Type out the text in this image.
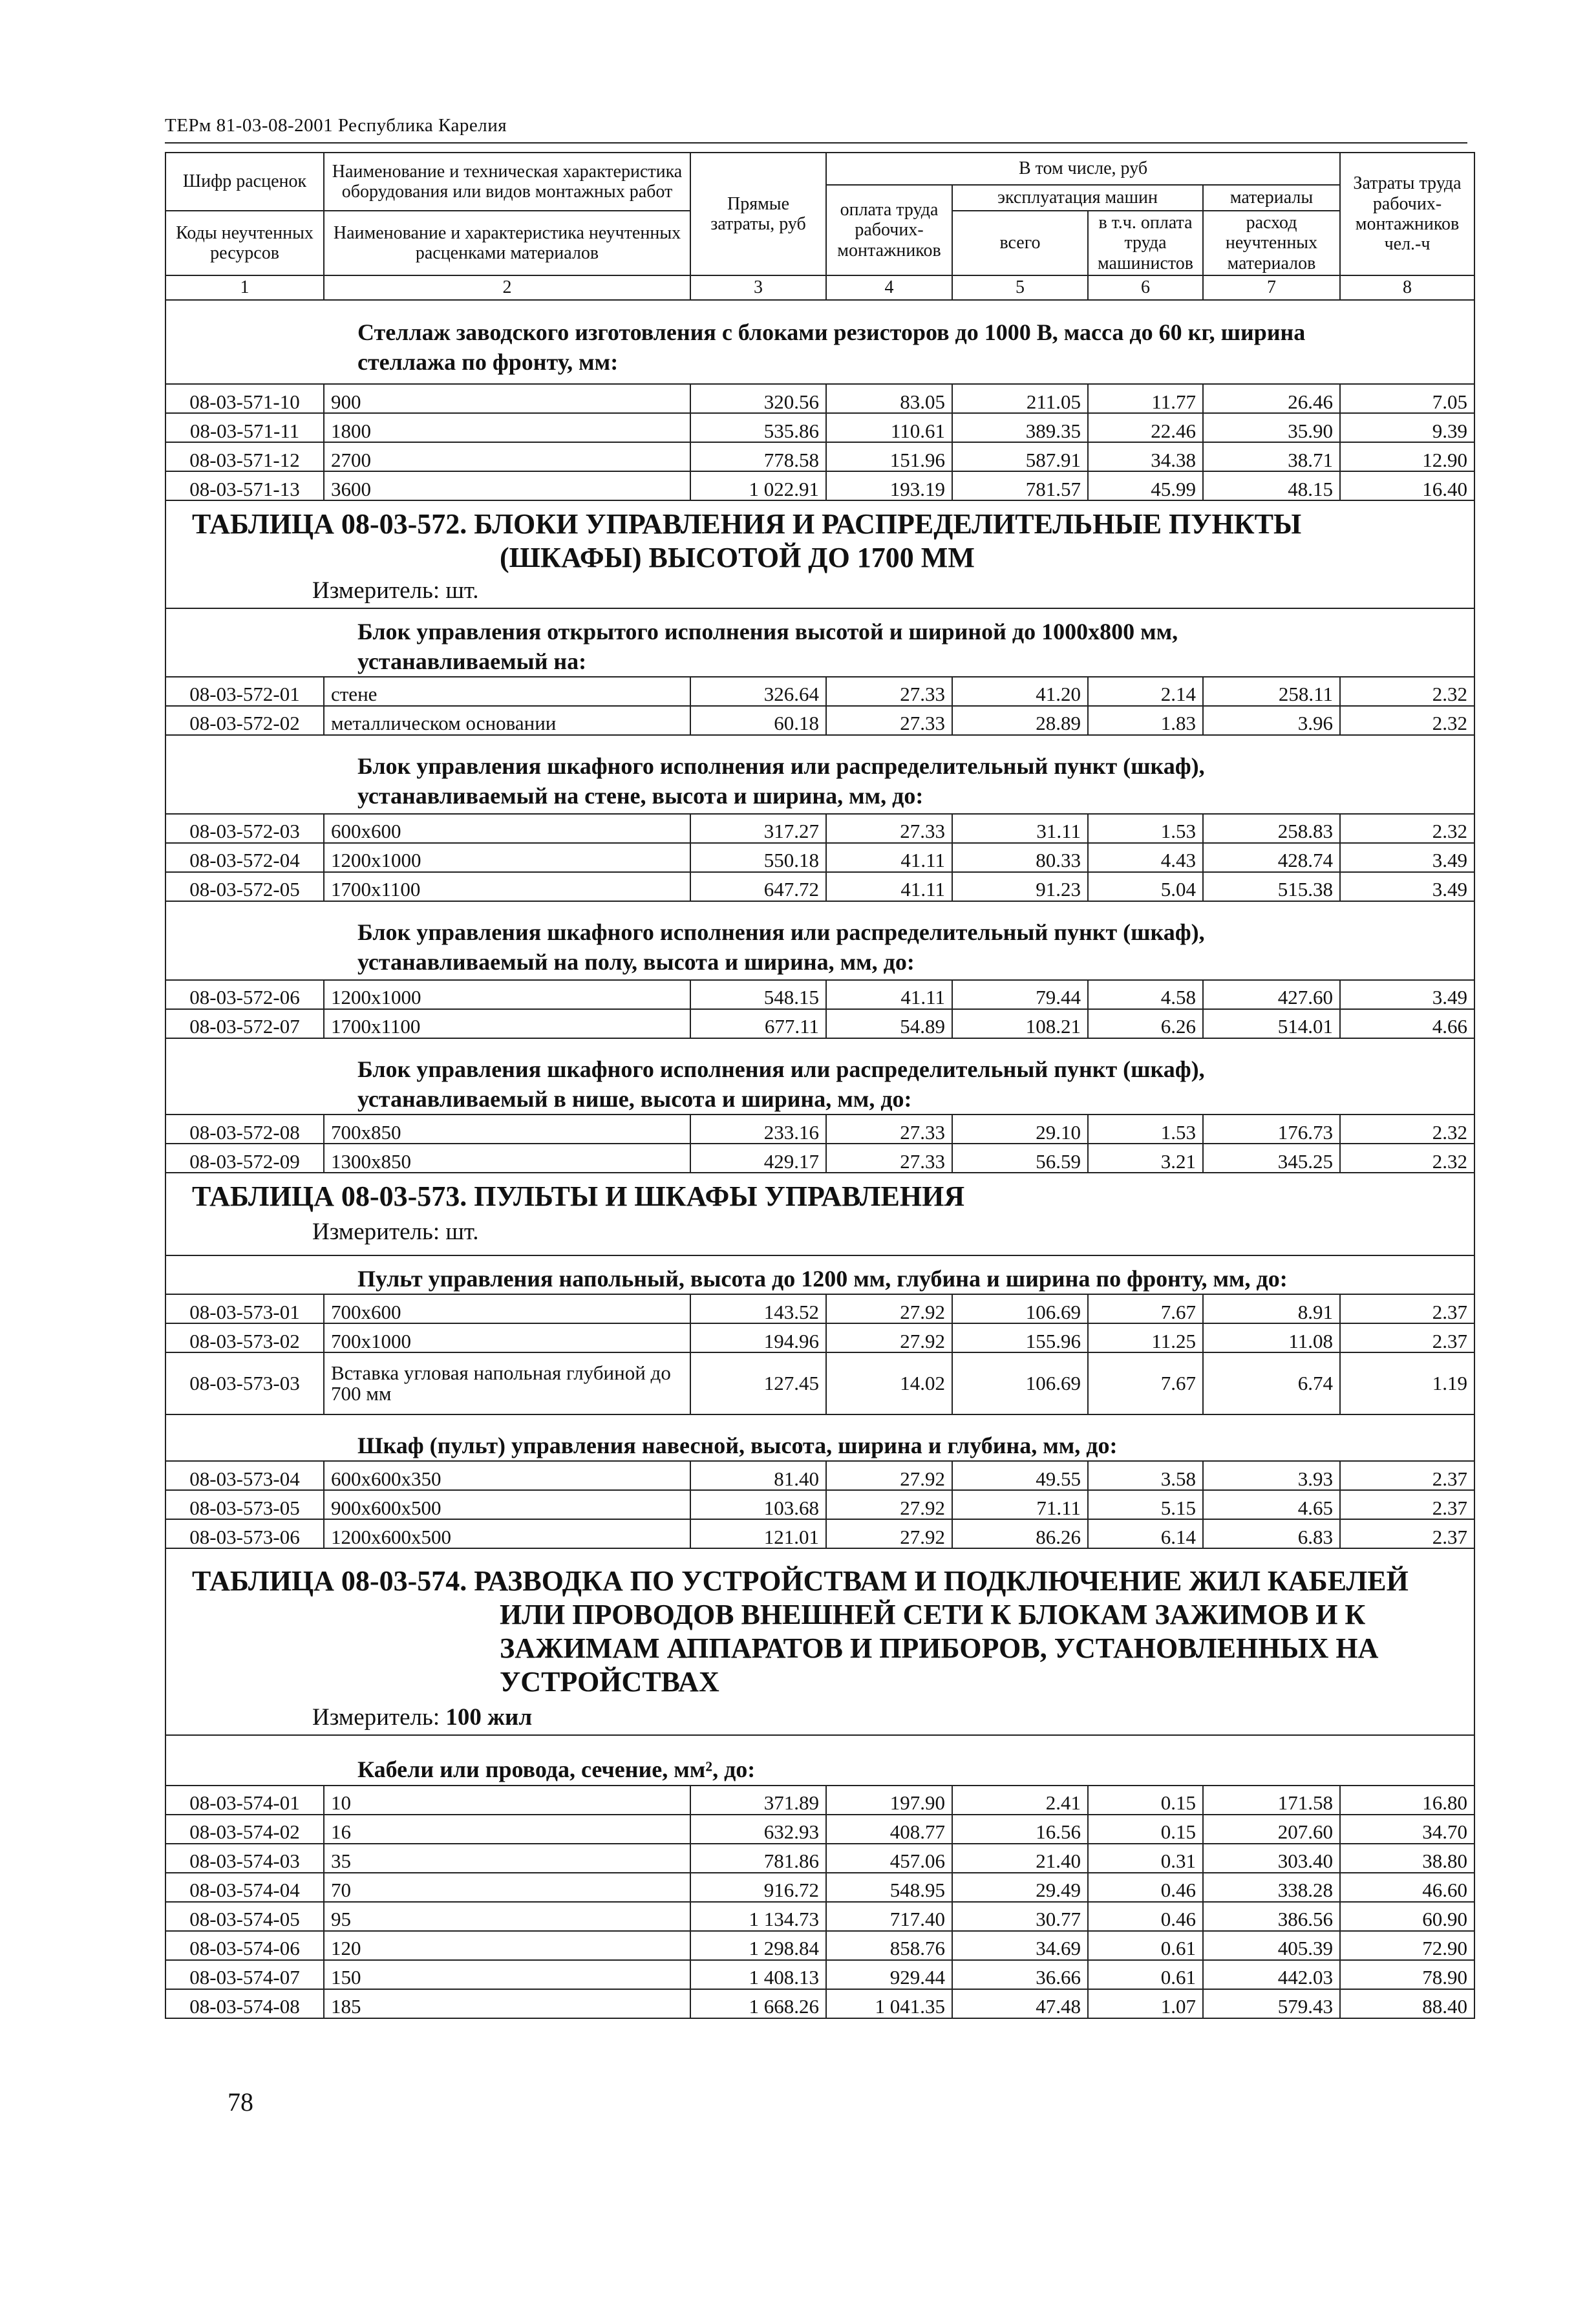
ТЕРм 81-03-08-2001 Республика Карелия
Шифр расценок	Наименование и техническая характеристика оборудования или видов монтажных работ	Прямые затраты, руб	В том числе, руб				Затраты труда рабочих-монтажников чел.-ч
			оплата труда рабочих-монтажников	эксплуатация машин		материалы	
Коды неучтенных ресурсов	Наименование и характеристика неучтенных расценками материалов			всего	в т.ч. оплата труда машинистов	расход неучтенных материалов	

1	2	3	4	5	6	7	8

Стеллаж заводского изготовления с блоками резисторов до 1000 В, масса до 60 кг, ширина
стеллажа по фронту, мм:							

08-03-571-10	900	320.56	83.05	211.05	11.77	26.46	7.05
08-03-571-11	1800	535.86	110.61	389.35	22.46	35.90	9.39
08-03-571-12	2700	778.58	151.96	587.91	34.38	38.71	12.90
08-03-571-13	3600	1 022.91	193.19	781.57	45.99	48.15	16.40

ТАБЛИЦА 08-03-572. БЛОКИ УПРАВЛЕНИЯ И РАСПРЕДЕЛИТЕЛЬНЫЕ ПУНКТЫ
(ШКАФЫ) ВЫСОТОЙ ДО 1700 ММ
Измеритель: шт.							

Блок управления открытого исполнения высотой и шириной до 1000x800 мм,
устанавливаемый на:							

08-03-572-01	стене	326.64	27.33	41.20	2.14	258.11	2.32
08-03-572-02	металлическом основании	60.18	27.33	28.89	1.83	3.96	2.32

Блок управления шкафного исполнения или распределительный пункт (шкаф),
устанавливаемый на стене, высота и ширина, мм, до:							

08-03-572-03	600x600	317.27	27.33	31.11	1.53	258.83	2.32
08-03-572-04	1200x1000	550.18	41.11	80.33	4.43	428.74	3.49
08-03-572-05	1700x1100	647.72	41.11	91.23	5.04	515.38	3.49

Блок управления шкафного исполнения или распределительный пункт (шкаф),
устанавливаемый на полу, высота и ширина, мм, до:							

08-03-572-06	1200x1000	548.15	41.11	79.44	4.58	427.60	3.49
08-03-572-07	1700x1100	677.11	54.89	108.21	6.26	514.01	4.66

Блок управления шкафного исполнения или распределительный пункт (шкаф),
устанавливаемый в нише, высота и ширина, мм, до:							

08-03-572-08	700x850	233.16	27.33	29.10	1.53	176.73	2.32
08-03-572-09	1300x850	429.17	27.33	56.59	3.21	345.25	2.32

ТАБЛИЦА 08-03-573. ПУЛЬТЫ И ШКАФЫ УПРАВЛЕНИЯ
Измеритель: шт.							

Пульт управления напольный, высота до 1200 мм, глубина и ширина по фронту, мм, до:							

08-03-573-01	700x600	143.52	27.92	106.69	7.67	8.91	2.37
08-03-573-02	700x1000	194.96	27.92	155.96	11.25	11.08	2.37
08-03-573-03	Вставка угловая напольная глубиной до 700 мм	127.45	14.02	106.69	7.67	6.74	1.19

Шкаф (пульт) управления навесной, высота, ширина и глубина, мм, до:							

08-03-573-04	600x600x350	81.40	27.92	49.55	3.58	3.93	2.37
08-03-573-05	900x600x500	103.68	27.92	71.11	5.15	4.65	2.37
08-03-573-06	1200x600x500	121.01	27.92	86.26	6.14	6.83	2.37

ТАБЛИЦА 08-03-574. РАЗВОДКА ПО УСТРОЙСТВАМ И ПОДКЛЮЧЕНИЕ ЖИЛ КАБЕЛЕЙ
ИЛИ ПРОВОДОВ ВНЕШНЕЙ СЕТИ К БЛОКАМ ЗАЖИМОВ И К
ЗАЖИМАМ АППАРАТОВ И ПРИБОРОВ, УСТАНОВЛЕННЫХ НА
УСТРОЙСТВАХ
Измеритель: 100 жил							

Кабели или провода, сечение, мм², до:							

08-03-574-01	10	371.89	197.90	2.41	0.15	171.58	16.80
08-03-574-02	16	632.93	408.77	16.56	0.15	207.60	34.70
08-03-574-03	35	781.86	457.06	21.40	0.31	303.40	38.80
08-03-574-04	70	916.72	548.95	29.49	0.46	338.28	46.60
08-03-574-05	95	1 134.73	717.40	30.77	0.46	386.56	60.90
08-03-574-06	120	1 298.84	858.76	34.69	0.61	405.39	72.90
08-03-574-07	150	1 408.13	929.44	36.66	0.61	442.03	78.90
08-03-574-08	185	1 668.26	1 041.35	47.48	1.07	579.43	88.40
78
